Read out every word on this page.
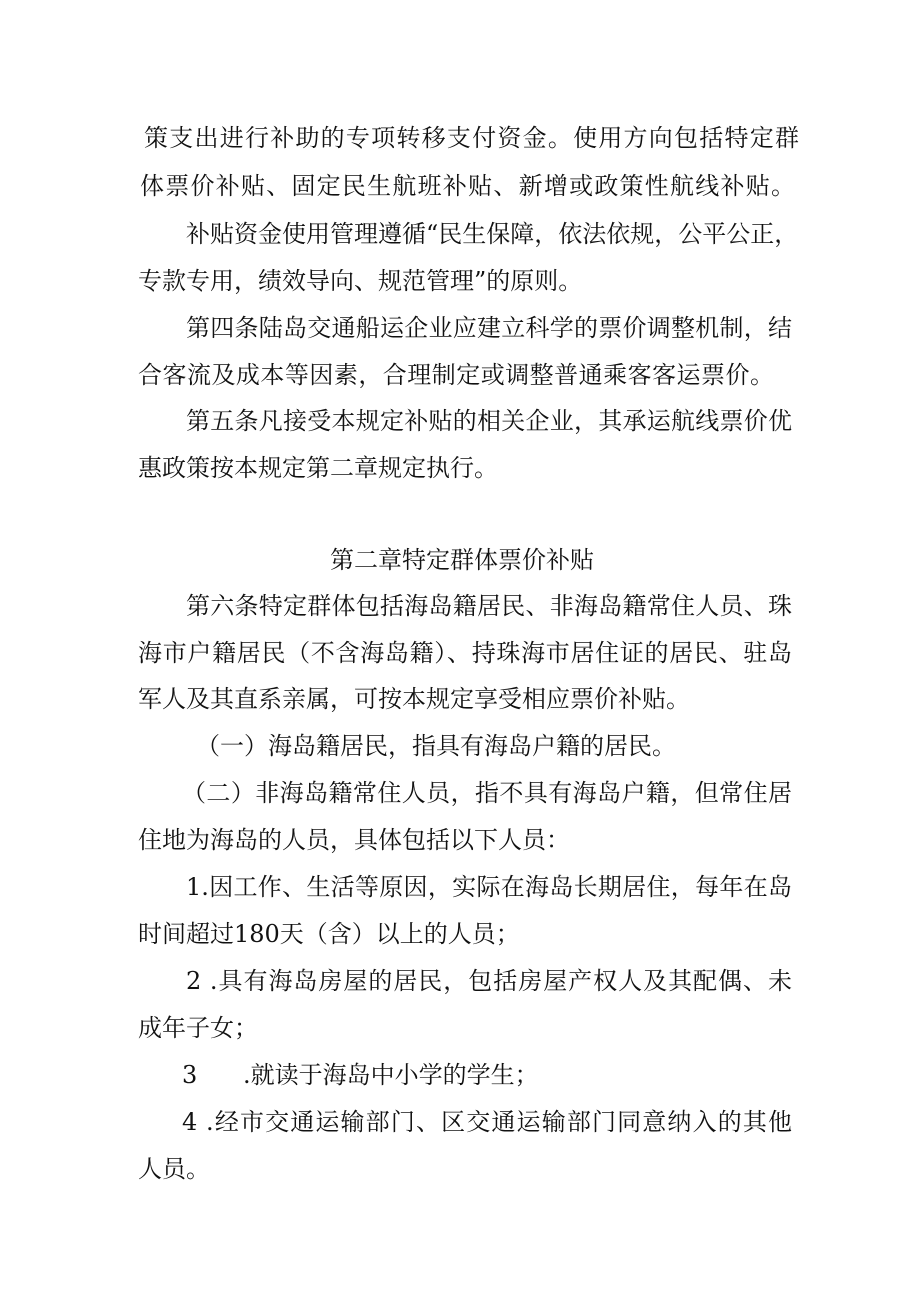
策支出进行补助的专项转移支付资金。使用方向包括特定群
体票价补贴、固定民生航班补贴、新增或政策性航线补贴。
补贴资金使用管理遵循“民生保障，依法依规，公平公正，
专款专用，绩效导向、规范管理”的原则。
第四条陆岛交通船运企业应建立科学的票价调整机制，结
合客流及成本等因素，合理制定或调整普通乘客客运票价。
第五条凡接受本规定补贴的相关企业，其承运航线票价优
惠政策按本规定第二章规定执行。
第二章特定群体票价补贴
第六条特定群体包括海岛籍居民、非海岛籍常住人员、珠
海市户籍居民（不含海岛籍）、持珠海市居住证的居民、驻岛
军人及其直系亲属，可按本规定享受相应票价补贴。
（一）海岛籍居民，指具有海岛户籍的居民。
（二）非海岛籍常住人员，指不具有海岛户籍，但常住居
住地为海岛的人员，具体包括以下人员：
1.因工作、生活等原因，实际在海岛长期居住，每年在岛
时间超过180天（含）以上的人员；
2 .具有海岛房屋的居民，包括房屋产权人及其配偶、未
成年子女；
3      .就读于海岛中小学的学生；
4 .经市交通运输部门、区交通运输部门同意纳入的其他
人员。
